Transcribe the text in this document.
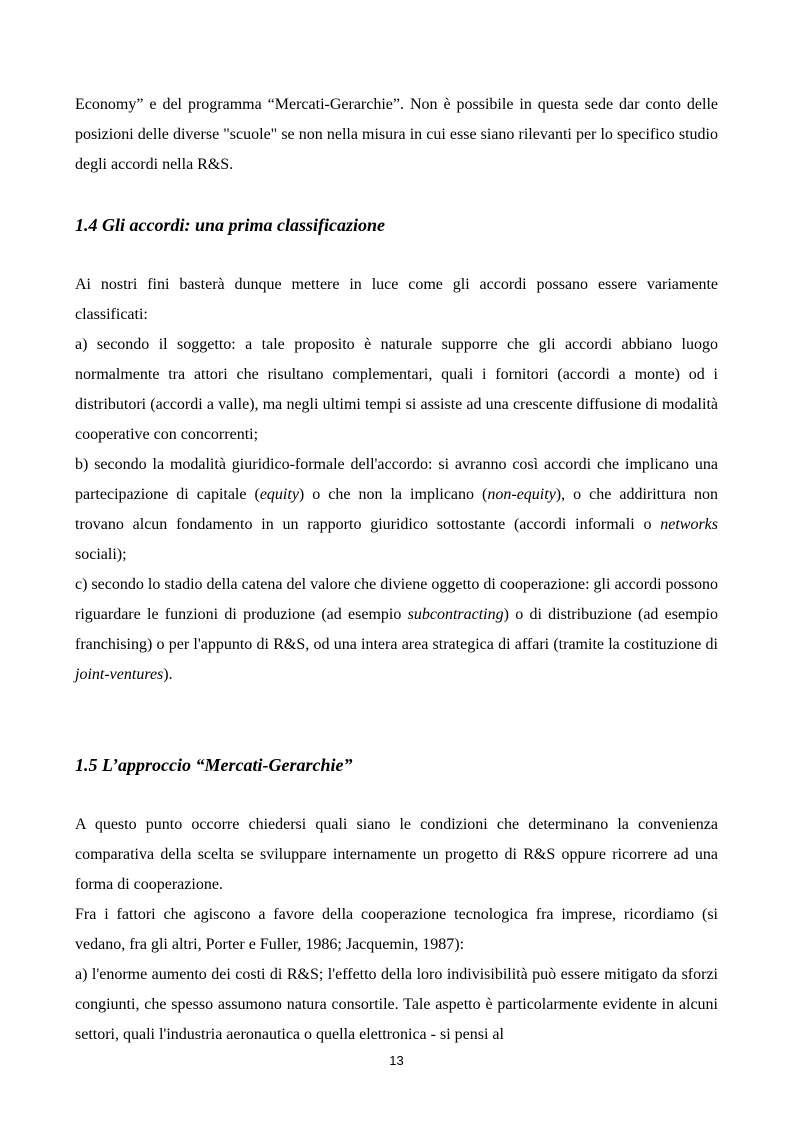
Economy” e del programma “Mercati-Gerarchie”. Non è possibile in questa sede dar conto delle posizioni delle diverse "scuole" se non nella misura in cui esse siano rilevanti per lo specifico studio degli accordi nella R&S.

1.4 Gli accordi: una prima classificazione

Ai nostri fini basterà dunque mettere in luce come gli accordi possano essere variamente classificati:

a) secondo il soggetto: a tale proposito è naturale supporre che gli accordi abbiano luogo normalmente tra attori che risultano complementari, quali i fornitori (accordi a monte) od i distributori (accordi a valle), ma negli ultimi tempi si assiste ad una crescente diffusione di modalità cooperative con concorrenti;

b) secondo la modalità giuridico-formale dell'accordo: si avranno così accordi che implicano una partecipazione di capitale (equity) o che non la implicano (non-equity), o che addirittura non trovano alcun fondamento in un rapporto giuridico sottostante (accordi informali o networks sociali);

c) secondo lo stadio della catena del valore che diviene oggetto di cooperazione: gli accordi possono riguardare le funzioni di produzione (ad esempio subcontracting) o di distribuzione (ad esempio franchising) o per l'appunto di R&S, od una intera area strategica di affari (tramite la costituzione di joint-ventures).

1.5 L’approccio “Mercati-Gerarchie”

A questo punto occorre chiedersi quali siano le condizioni che determinano la convenienza comparativa della scelta se sviluppare internamente un progetto di R&S oppure ricorrere ad una forma di cooperazione.

Fra i fattori che agiscono a favore della cooperazione tecnologica fra imprese, ricordiamo (si vedano, fra gli altri, Porter e Fuller, 1986; Jacquemin, 1987):

a) l'enorme aumento dei costi di R&S; l'effetto della loro indivisibilità può essere mitigato da sforzi congiunti, che spesso assumono natura consortile. Tale aspetto è particolarmente evidente in alcuni settori, quali l'industria aeronautica o quella elettronica - si pensi al

13
